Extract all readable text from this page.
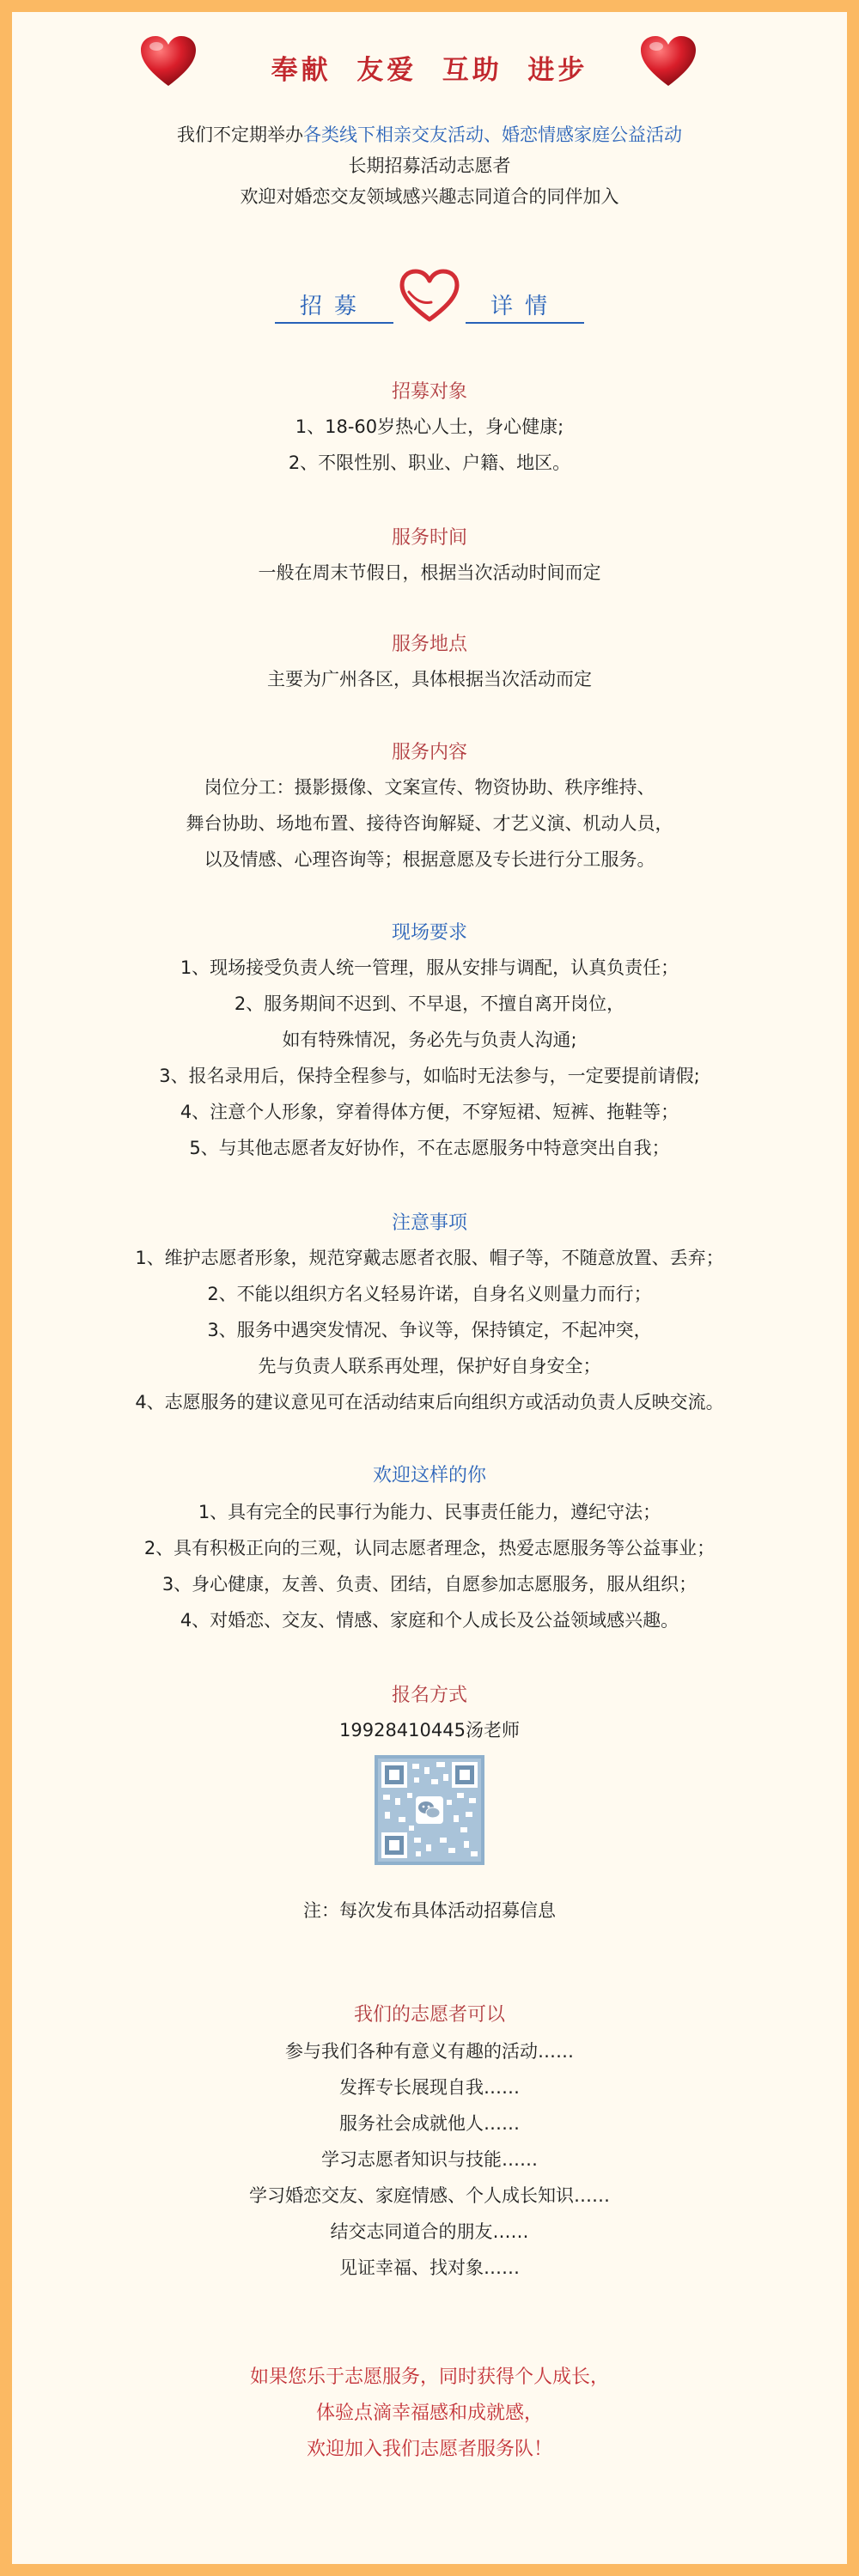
奉献  友爱  互助  进步
我们不定期举办各类线下相亲交友活动、婚恋情感家庭公益活动
长期招募活动志愿者
欢迎对婚恋交友领域感兴趣志同道合的同伴加入
招募	详情
招募对象
1、18-60岁热心人士，身心健康;
2、不限性别、职业、户籍、地区。
服务时间
一般在周末节假日，根据当次活动时间而定
服务地点
主要为广州各区，具体根据当次活动而定
服务内容
岗位分工：摄影摄像、文案宣传、物资协助、秩序维持、
舞台协助、场地布置、接待咨询解疑、才艺义演、机动人员，
以及情感、心理咨询等；根据意愿及专长进行分工服务。
现场要求
1、现场接受负责人统一管理，服从安排与调配，认真负责任；
2、服务期间不迟到、不早退，不擅自离开岗位，
如有特殊情况，务必先与负责人沟通;
3、报名录用后，保持全程参与，如临时无法参与，一定要提前请假;
4、注意个人形象，穿着得体方便，不穿短裙、短裤、拖鞋等；
5、与其他志愿者友好协作，不在志愿服务中特意突出自我；
注意事项
1、维护志愿者形象，规范穿戴志愿者衣服、帽子等，不随意放置、丢弃；
2、不能以组织方名义轻易许诺，自身名义则量力而行；
3、服务中遇突发情况、争议等，保持镇定，不起冲突，
先与负责人联系再处理，保护好自身安全；
4、志愿服务的建议意见可在活动结束后向组织方或活动负责人反映交流。
欢迎这样的你
1、具有完全的民事行为能力、民事责任能力，遵纪守法；
2、具有积极正向的三观，认同志愿者理念，热爱志愿服务等公益事业；
3、身心健康，友善、负责、团结，自愿参加志愿服务，服从组织；
4、对婚恋、交友、情感、家庭和个人成长及公益领域感兴趣。
报名方式
19928410445汤老师
注：每次发布具体活动招募信息
我们的志愿者可以
参与我们各种有意义有趣的活动……
发挥专长展现自我……
服务社会成就他人……
学习志愿者知识与技能……
学习婚恋交友、家庭情感、个人成长知识……
结交志同道合的朋友……
见证幸福、找对象……
如果您乐于志愿服务，同时获得个人成长，
体验点滴幸福感和成就感，
欢迎加入我们志愿者服务队！
